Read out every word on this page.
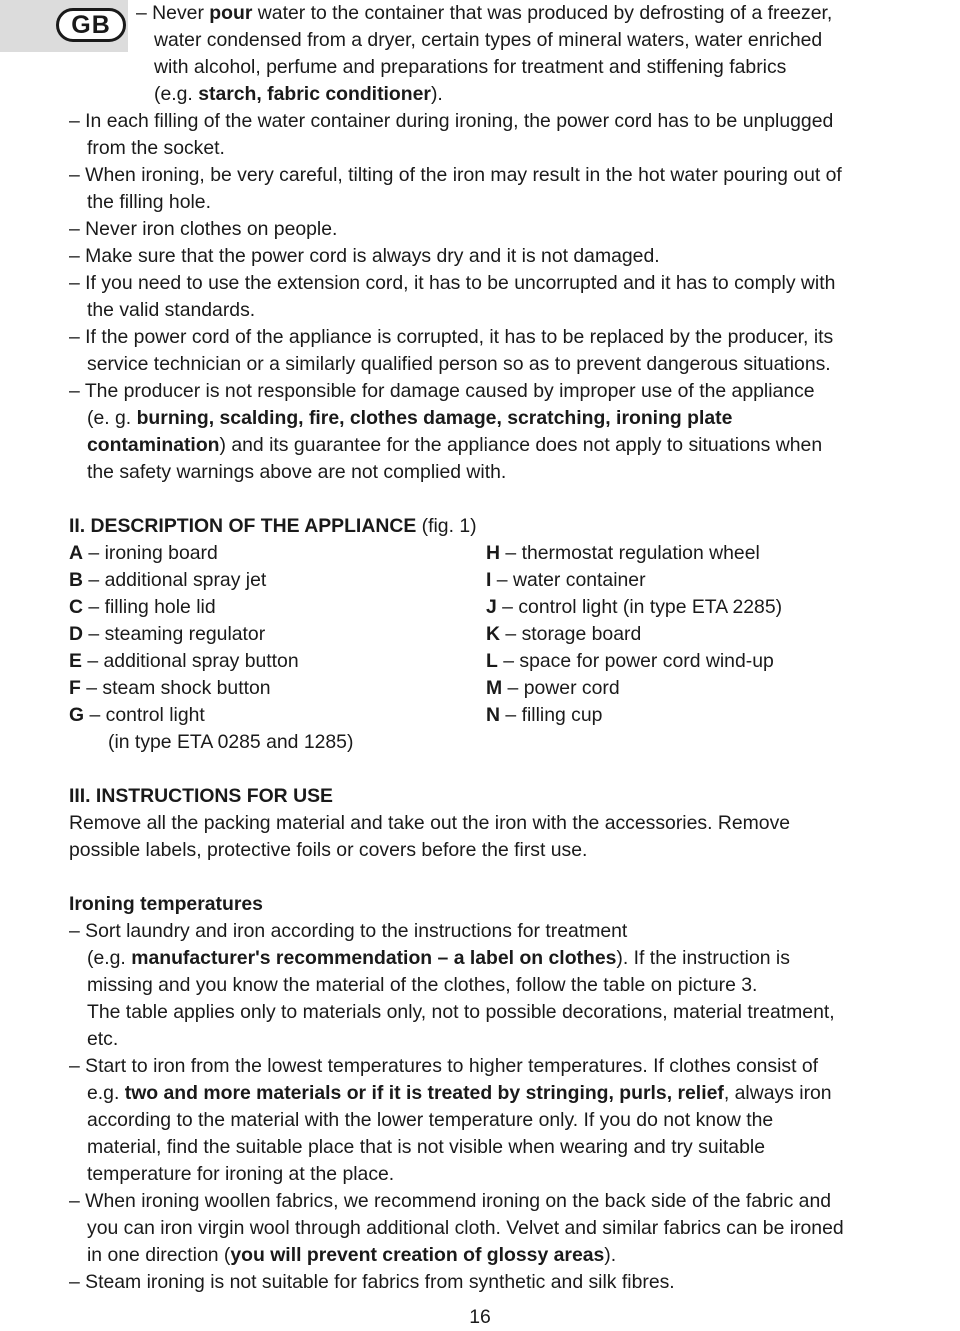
GB	– Never pour water to the container that was produced by defrosting of a freezer,
water condensed from a dryer, certain types of mineral waters, water enriched
with alcohol, perfume and preparations for treatment and stiffening fabrics
(e.g. starch, fabric conditioner).
– In each filling of the water container during ironing, the power cord has to be unplugged
from the socket.
– When ironing, be very careful, tilting of the iron may result in the hot water pouring out of
the filling hole.
– Never iron clothes on people.
– Make sure that the power cord is always dry and it is not damaged.
– If you need to use the extension cord, it has to be uncorrupted and it has to comply with
the valid standards.
– If the power cord of the appliance is corrupted, it has to be replaced by the producer, its
service technician or a similarly qualified person so as to prevent dangerous situations.
– The producer is not responsible for damage caused by improper use of the appliance
(e. g. burning, scalding, fire, clothes damage, scratching, ironing plate
contamination) and its guarantee for the appliance does not apply to situations when
the safety warnings above are not complied with.
II. DESCRIPTION OF THE APPLIANCE (fig. 1)
A – ironing board
B – additional spray jet
C – filling hole lid
D – steaming regulator
E – additional spray button
F – steam shock button
G – control light
(in type ETA 0285 and 1285)
H – thermostat regulation wheel
I – water container
J – control light (in type ETA 2285)
K – storage board
L – space for power cord wind-up
M – power cord
N – filling cup
III. INSTRUCTIONS FOR USE
Remove all the packing material and take out the iron with the accessories. Remove
possible labels, protective foils or covers before the first use.
Ironing temperatures
– Sort laundry and iron according to the instructions for treatment
(e.g. manufacturer's recommendation – a label on clothes). If the instruction is
missing and you know the material of the clothes, follow the table on picture 3.
The table applies only to materials only, not to possible decorations, material treatment,
etc.
– Start to iron from the lowest temperatures to higher temperatures. If clothes consist of
e.g. two and more materials or if it is treated by stringing, purls, relief, always iron
according to the material with the lower temperature only. If you do not know the
material, find the suitable place that is not visible when wearing and try suitable
temperature for ironing at the place.
– When ironing woollen fabrics, we recommend ironing on the back side of the fabric and
you can iron virgin wool through additional cloth. Velvet and similar fabrics can be ironed
in one direction (you will prevent creation of glossy areas).
– Steam ironing is not suitable for fabrics from synthetic and silk fibres.
16
